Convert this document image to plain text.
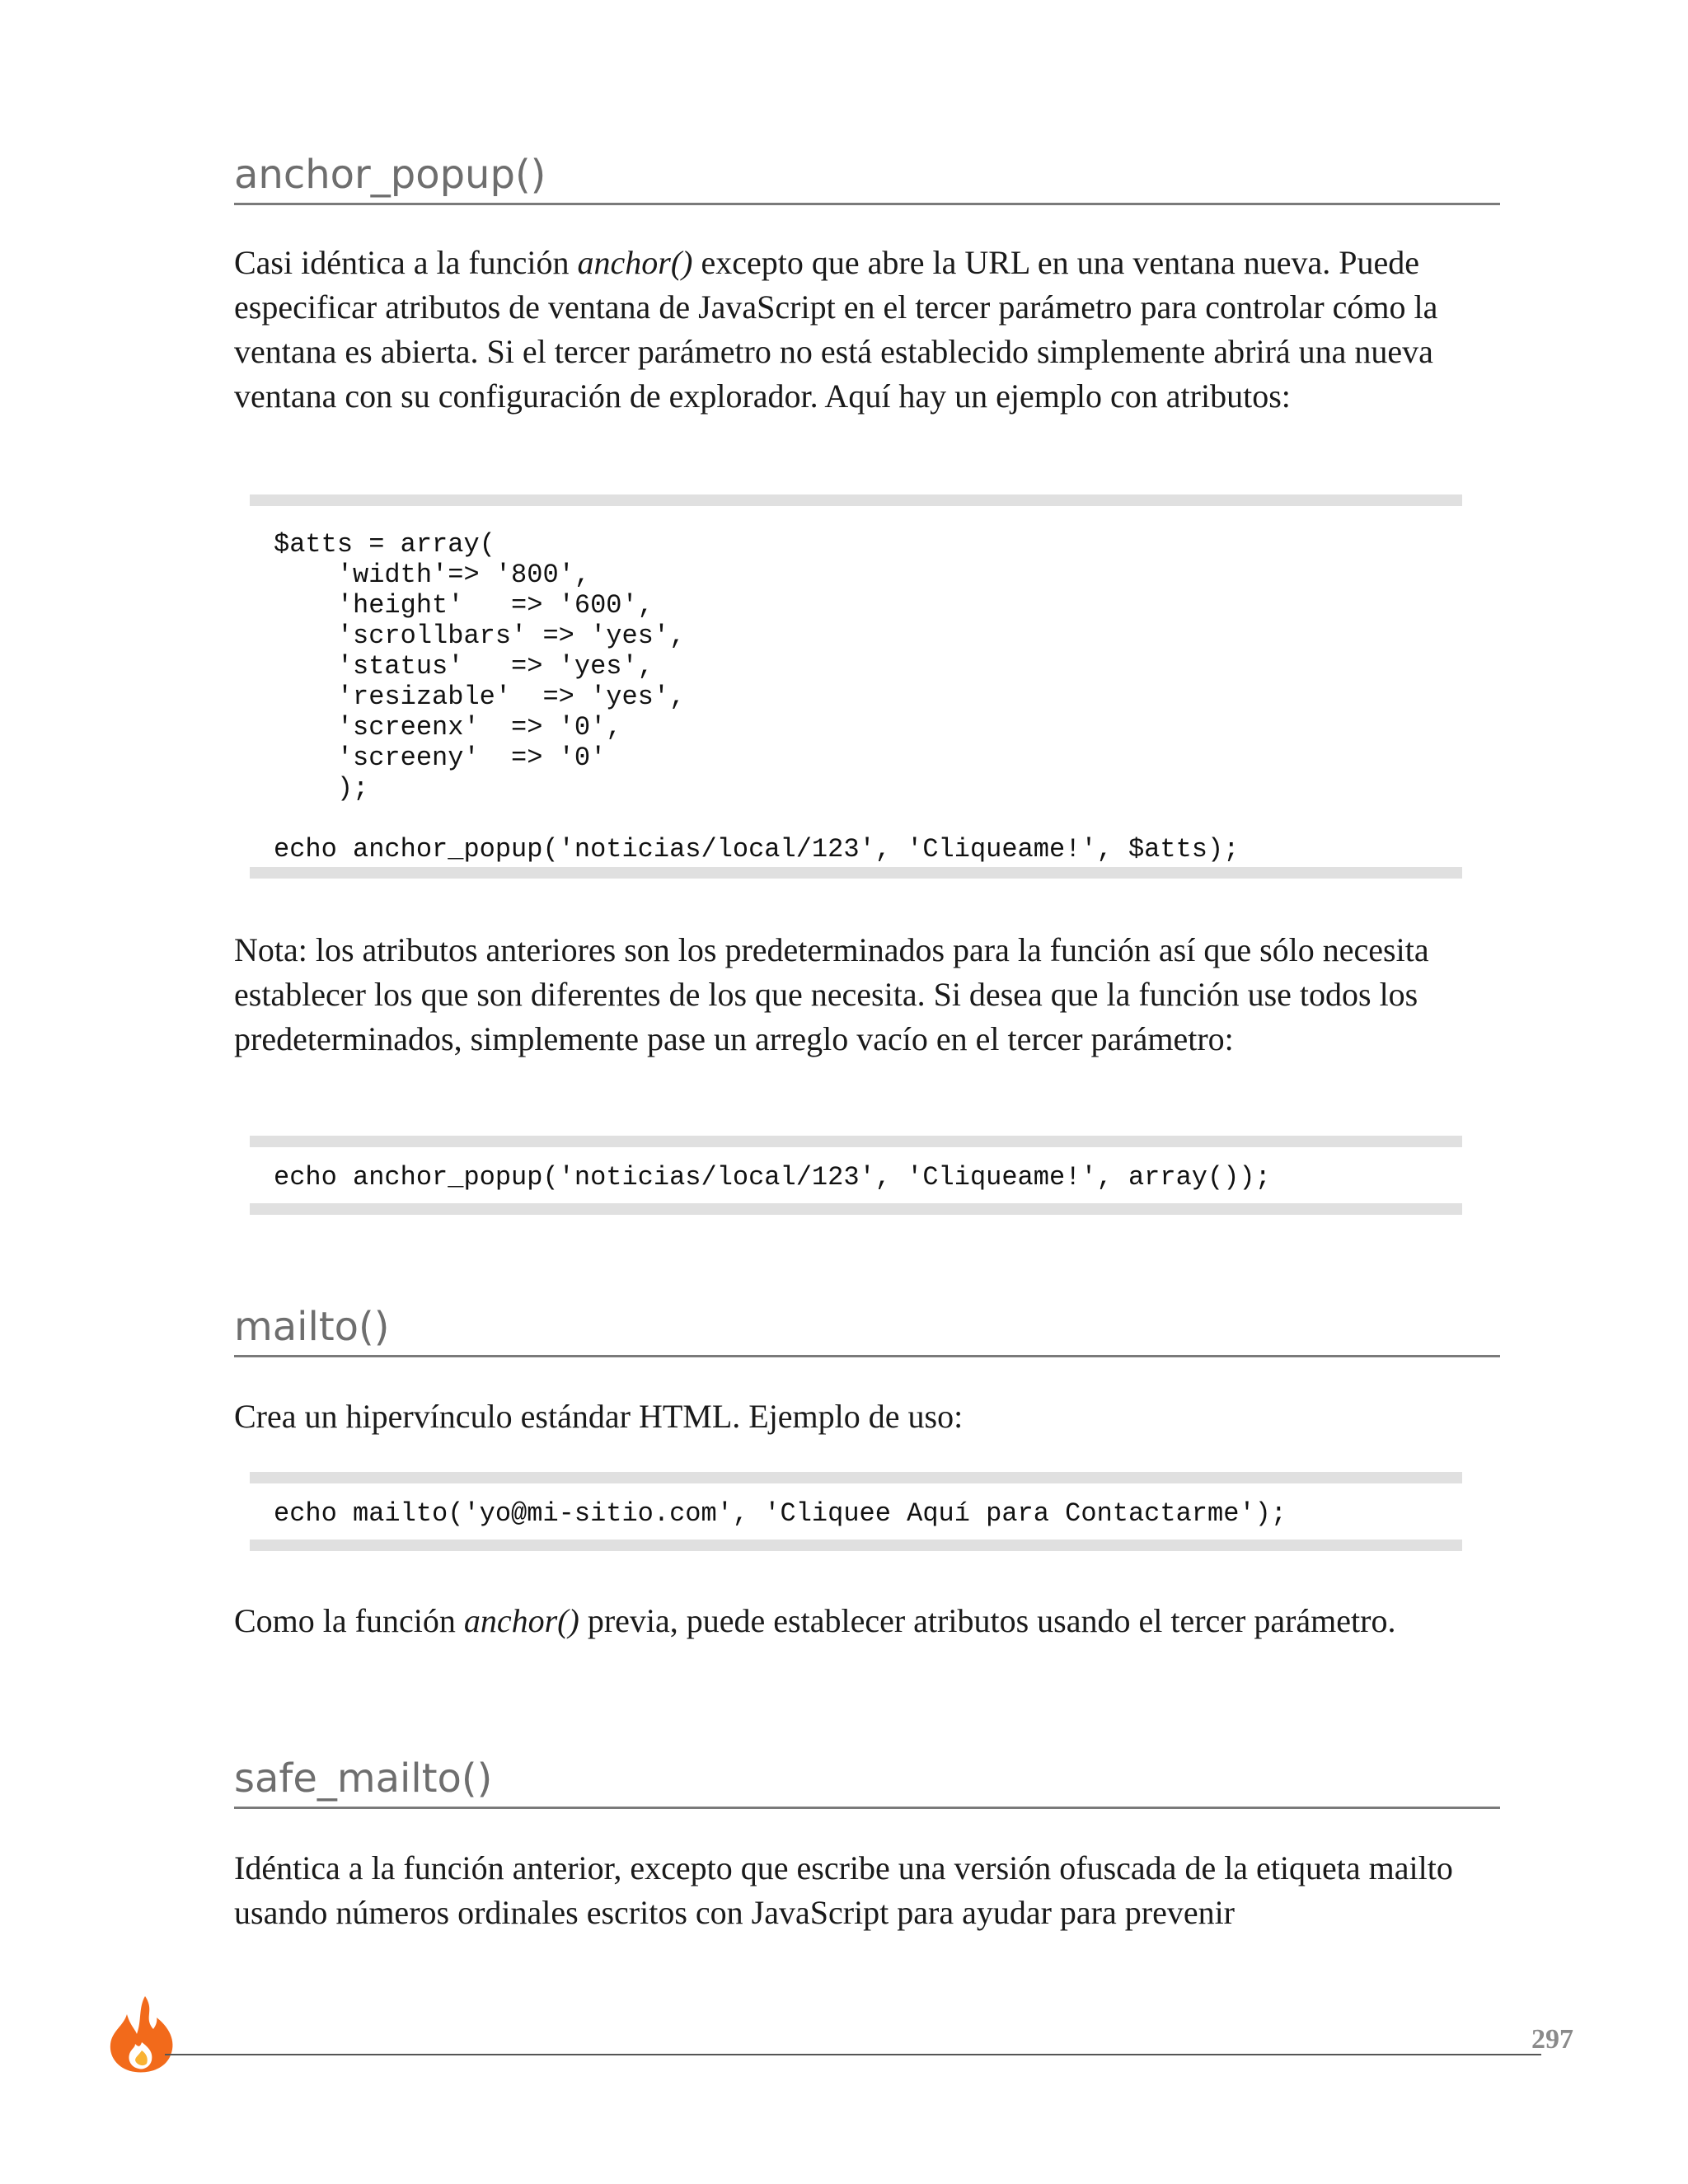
anchor_popup()

Casi idéntica a la función anchor() excepto que abre la URL en una ventana nueva. Puede especificar atributos de ventana de JavaScript en el tercer parámetro para controlar cómo la ventana es abierta. Si el tercer parámetro no está establecido simplemente abrirá una nueva ventana con su configuración de explorador. Aquí hay un ejemplo con atributos:

$atts = array(
'width'=> '800',
'height'   => '600',
'scrollbars' => 'yes',
'status'   => 'yes',
'resizable'  => 'yes',
'screenx'  => '0',
'screeny'  => '0'
);

echo anchor_popup('noticias/local/123', 'Cliqueame!', $atts);

Nota: los atributos anteriores son los predeterminados para la función así que sólo necesita establecer los que son diferentes de los que necesita. Si desea que la función use todos los predeterminados, simplemente pase un arreglo vacío en el tercer parámetro:

echo anchor_popup('noticias/local/123', 'Cliqueame!', array());
mailto()

Crea un hipervínculo estándar HTML. Ejemplo de uso:

echo mailto('yo@mi-sitio.com', 'Cliquee Aquí para Contactarme');

Como la función anchor() previa, puede establecer atributos usando el tercer parámetro.

safe_mailto()

Idéntica a la función anterior, excepto que escribe una versión ofuscada de la etiqueta mailto usando números ordinales escritos con JavaScript para ayudar para prevenir

297
